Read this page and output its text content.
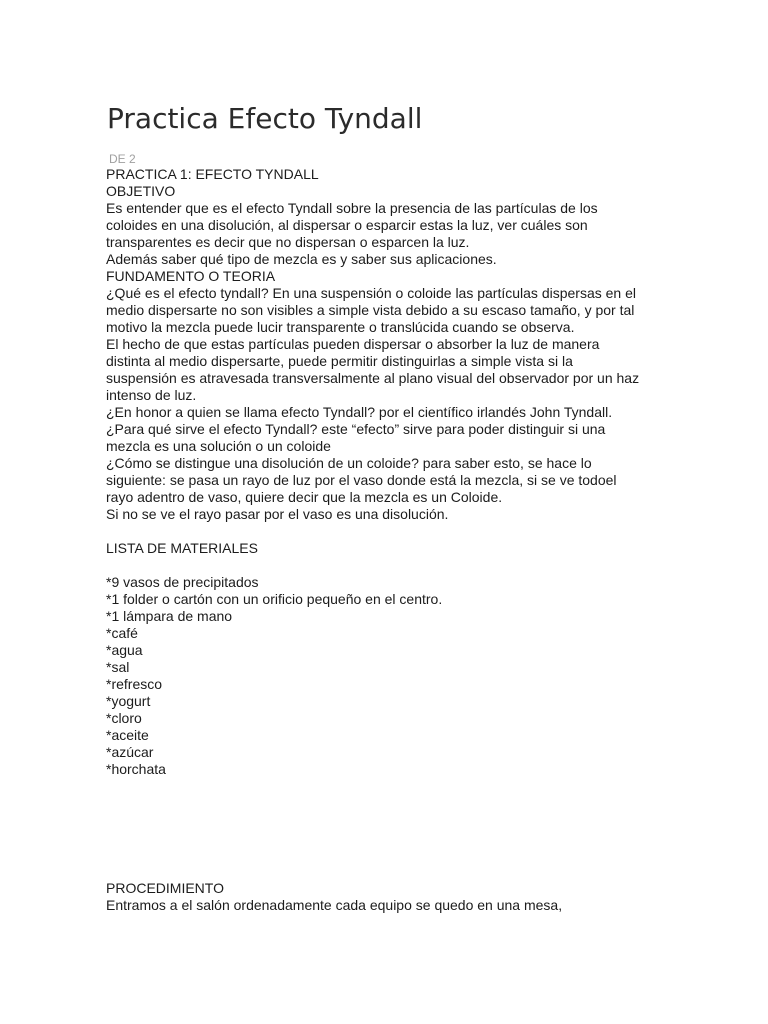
Practica Efecto Tyndall
DE 2
PRACTICA 1: EFECTO TYNDALL
OBJETIVO
Es entender que es el efecto Tyndall sobre la presencia de las partículas de los
coloides en una disolución, al dispersar o esparcir estas la luz, ver cuáles son
transparentes es decir que no dispersan o esparcen la luz.
Además saber qué tipo de mezcla es y saber sus aplicaciones.
FUNDAMENTO O TEORIA
¿Qué es el efecto tyndall? En una suspensión o coloide las partículas dispersas en el
medio dispersarte no son visibles a simple vista debido a su escaso tamaño, y por tal
motivo la mezcla puede lucir transparente o translúcida cuando se observa.
El hecho de que estas partículas pueden dispersar o absorber la luz de manera
distinta al medio dispersarte, puede permitir distinguirlas a simple vista si la
suspensión es atravesada transversalmente al plano visual del observador por un haz
intenso de luz.
¿En honor a quien se llama efecto Tyndall? por el científico irlandés John Tyndall.
¿Para qué sirve el efecto Tyndall? este “efecto” sirve para poder distinguir si una
mezcla es una solución o un coloide
¿Cómo se distingue una disolución de un coloide? para saber esto, se hace lo
siguiente: se pasa un rayo de luz por el vaso donde está la mezcla, si se ve todoel
rayo adentro de vaso, quiere decir que la mezcla es un Coloide.
Si no se ve el rayo pasar por el vaso es una disolución.
LISTA DE MATERIALES
*9 vasos de precipitados
*1 folder o cartón con un orificio pequeño en el centro.
*1 lámpara de mano
*café
*agua
*sal
*refresco
*yogurt
*cloro
*aceite
*azúcar
*horchata
PROCEDIMIENTO
Entramos a el salón ordenadamente cada equipo se quedo en una mesa,
